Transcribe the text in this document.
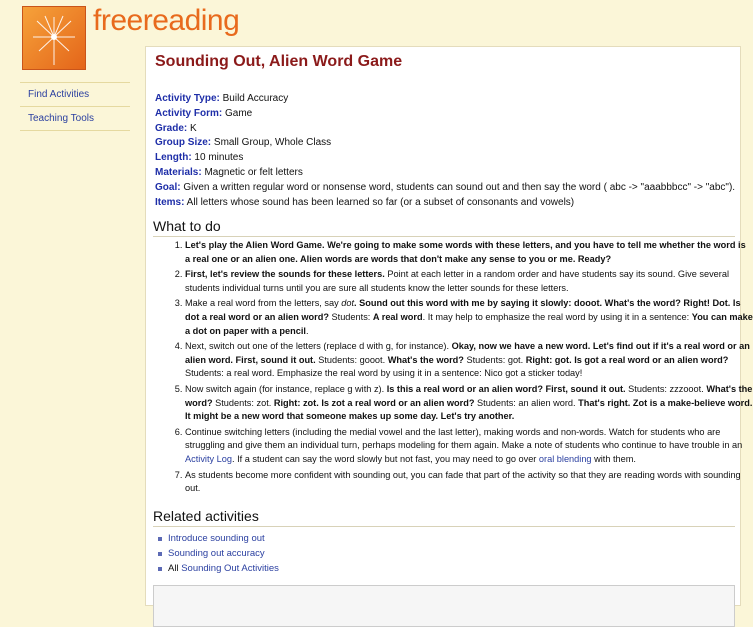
freereading
Find Activities
Teaching Tools
Sounding Out, Alien Word Game
Activity Type: Build Accuracy
Activity Form: Game
Grade: K
Group Size: Small Group, Whole Class
Length: 10 minutes
Materials: Magnetic or felt letters
Goal: Given a written regular word or nonsense word, students can sound out and then say the word ( abc -> "aaabbbcc" -> "abc").
Items: All letters whose sound has been learned so far (or a subset of consonants and vowels)
What to do
1. Let's play the Alien Word Game. We're going to make some words with these letters, and you have to tell me whether the word is a real one or an alien one. Alien words are words that don't make any sense to you or me. Ready?
2. First, let's review the sounds for these letters. Point at each letter in a random order and have students say its sound. Give several students individual turns until you are sure all students know the letter sounds for these letters.
3. Make a real word from the letters, say dot. Sound out this word with me by saying it slowly: dooot. What's the word? Right! Dot. Is dot a real word or an alien word? Students: A real word. It may help to emphasize the real word by using it in a sentence: You can make a dot on paper with a pencil.
4. Next, switch out one of the letters (replace d with g, for instance). Okay, now we have a new word. Let's find out if it's a real word or an alien word. First, sound it out. Students: gooot. What's the word? Students: got. Right: got. Is got a real word or an alien word? Students: a real word. Emphasize the real word by using it in a sentence: Nico got a sticker today!
5. Now switch again (for instance, replace g with z). Is this a real word or an alien word? First, sound it out. Students: zzzooot. What's the word? Students: zot. Right: zot. Is zot a real word or an alien word? Students: an alien word. That's right. Zot is a make-believe word. It might be a new word that someone makes up some day. Let's try another.
6. Continue switching letters (including the medial vowel and the last letter), making words and non-words. Watch for students who are struggling and give them an individual turn, perhaps modeling for them again. Make a note of students who continue to have trouble in an Activity Log. If a student can say the word slowly but not fast, you may need to go over oral blending with them.
7. As students become more confident with sounding out, you can fade that part of the activity so that they are reading words with sounding out.
Related activities
Introduce sounding out
Sounding out accuracy
All Sounding Out Activities
